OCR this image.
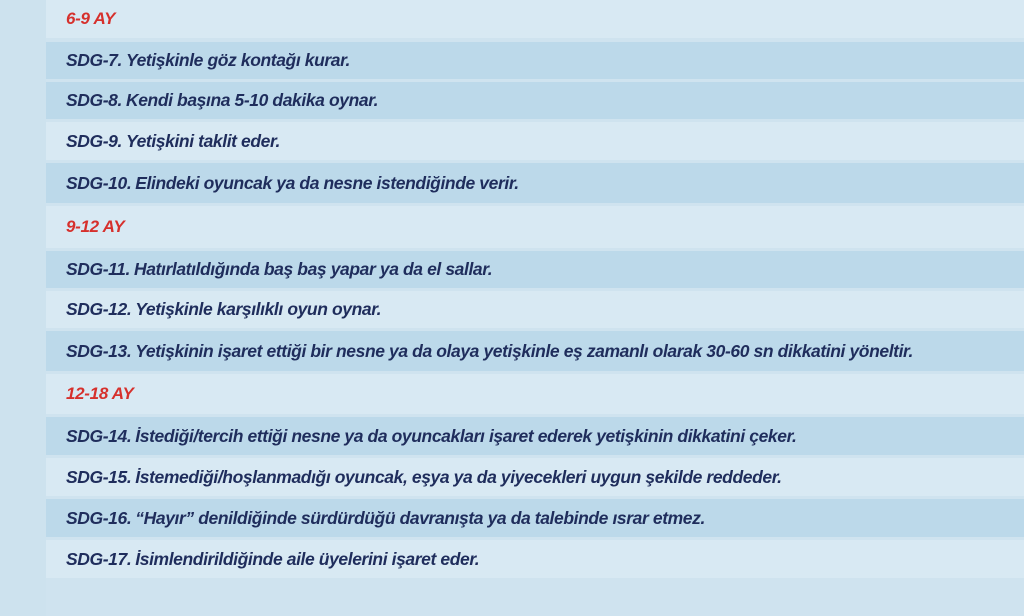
6-9 AY
SDG-7. Yetişkinle göz kontağı kurar.
SDG-8. Kendi başına 5-10 dakika oynar.
SDG-9. Yetişkini taklit eder.
SDG-10. Elindeki oyuncak ya da nesne istendiğinde verir.
9-12 AY
SDG-11. Hatırlatıldığında baş baş yapar ya da el sallar.
SDG-12. Yetişkinle karşılıklı oyun oynar.
SDG-13. Yetişkinin işaret ettiği bir nesne ya da olaya yetişkinle eş zamanlı olarak 30-60 sn dikkatini yöneltir.
12-18 AY
SDG-14. İstediği/tercih ettiği nesne ya da oyuncakları işaret ederek yetişkinin dikkatini çeker.
SDG-15. İstemediği/hoşlanmadığı oyuncak, eşya ya da yiyecekleri uygun şekilde reddeder.
SDG-16. “Hayır” denildiğinde sürdürdüğü davranışta ya da talebinde ısrar etmez.
SDG-17. İsimlendirildiğinde aile üyelerini işaret eder.
